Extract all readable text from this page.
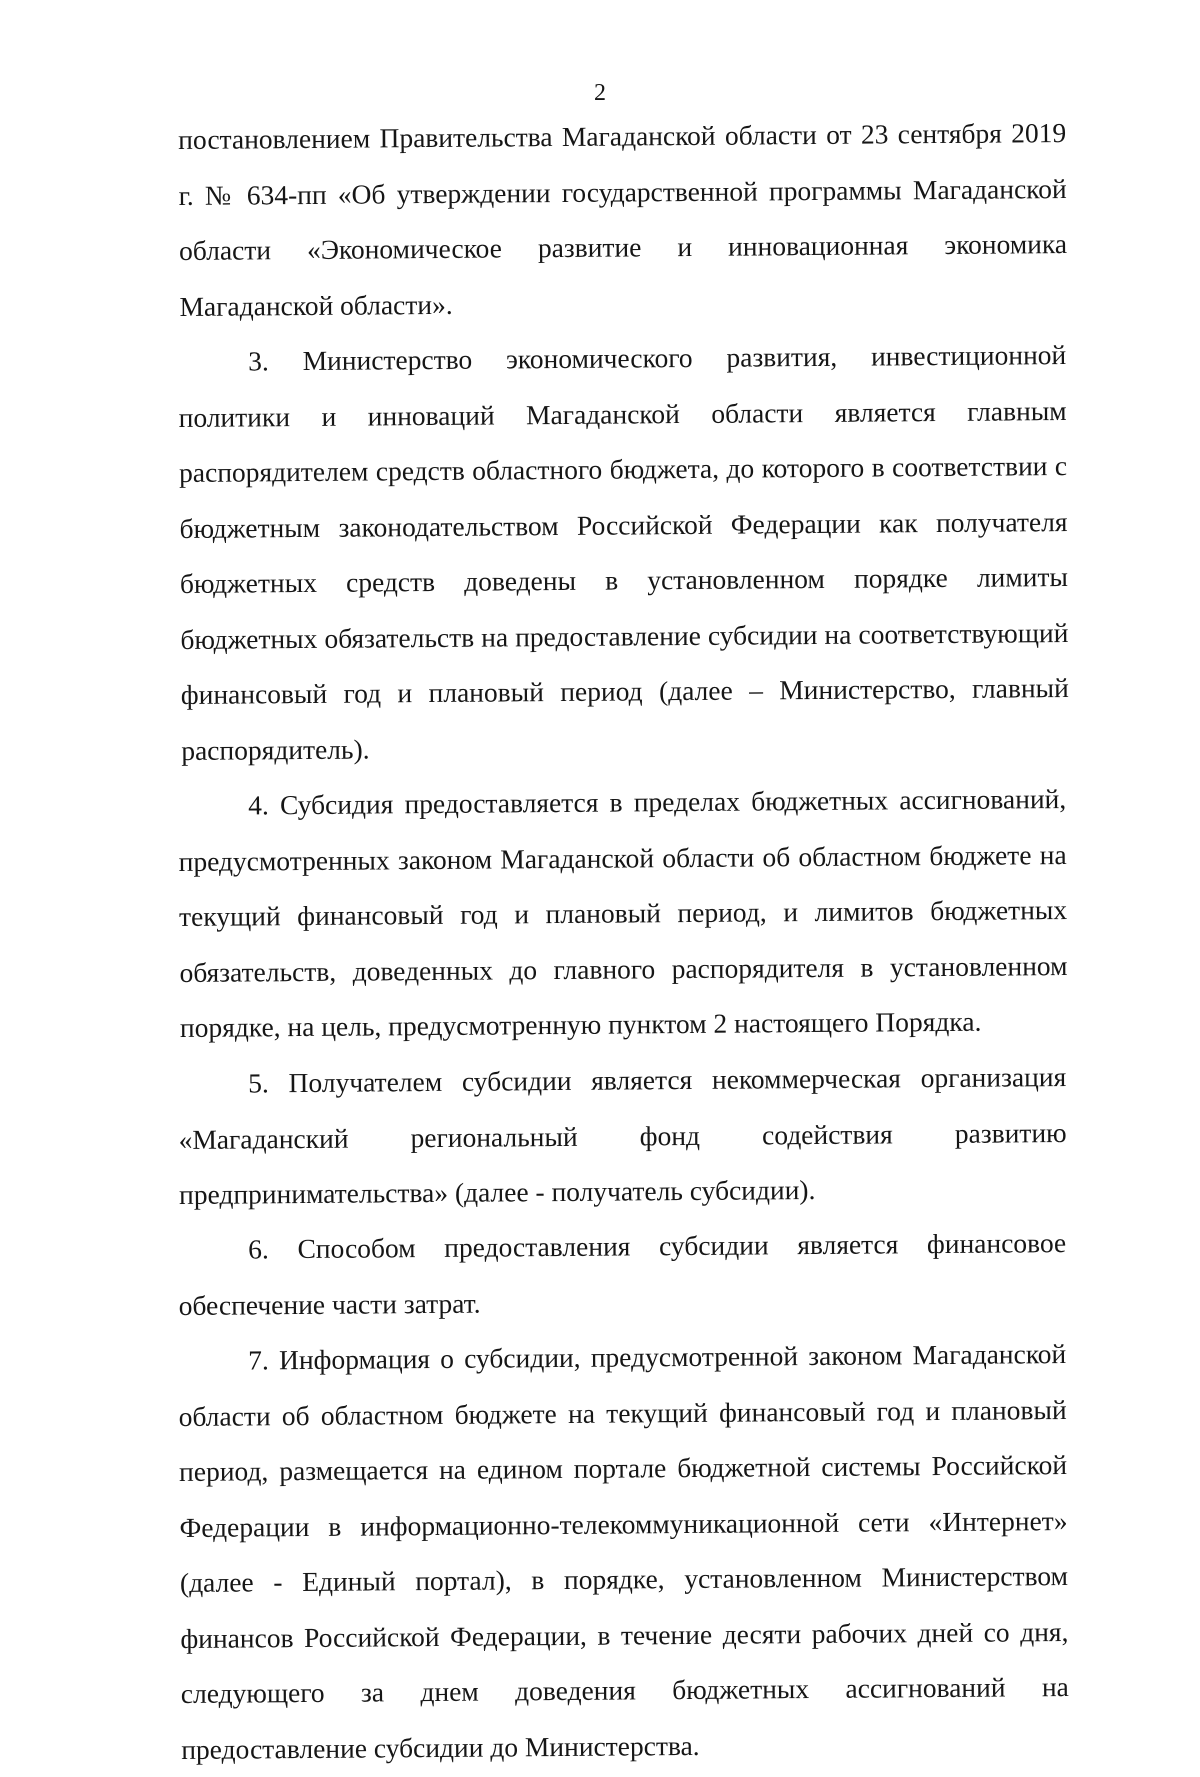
2

постановлением Правительства Магаданской области от 23 сентября 2019 г. № 634-пп «Об утверждении государственной программы Магаданской области «Экономическое развитие и инновационная экономика Магаданской области».

3. Министерство экономического развития, инвестиционной политики и инноваций Магаданской области является главным распорядителем средств областного бюджета, до которого в соответствии с бюджетным законодательством Российской Федерации как получателя бюджетных средств доведены в установленном порядке лимиты бюджетных обязательств на предоставление субсидии на соответствующий финансовый год и плановый период (далее – Министерство, главный распорядитель).

4. Субсидия предоставляется в пределах бюджетных ассигнований, предусмотренных законом Магаданской области об областном бюджете на текущий финансовый год и плановый период, и лимитов бюджетных обязательств, доведенных до главного распорядителя в установленном порядке, на цель, предусмотренную пунктом 2 настоящего Порядка.

5. Получателем субсидии является некоммерческая организация «Магаданский региональный фонд содействия развитию предпринимательства» (далее - получатель субсидии).

6. Способом предоставления субсидии является финансовое обеспечение части затрат.

7. Информация о субсидии, предусмотренной законом Магаданской области об областном бюджете на текущий финансовый год и плановый период, размещается на едином портале бюджетной системы Российской Федерации в информационно-телекоммуникационной сети «Интернет» (далее - Единый портал), в порядке, установленном Министерством финансов Российской Федерации, в течение десяти рабочих дней со дня, следующего за днем доведения бюджетных ассигнований на предоставление субсидии до Министерства.
